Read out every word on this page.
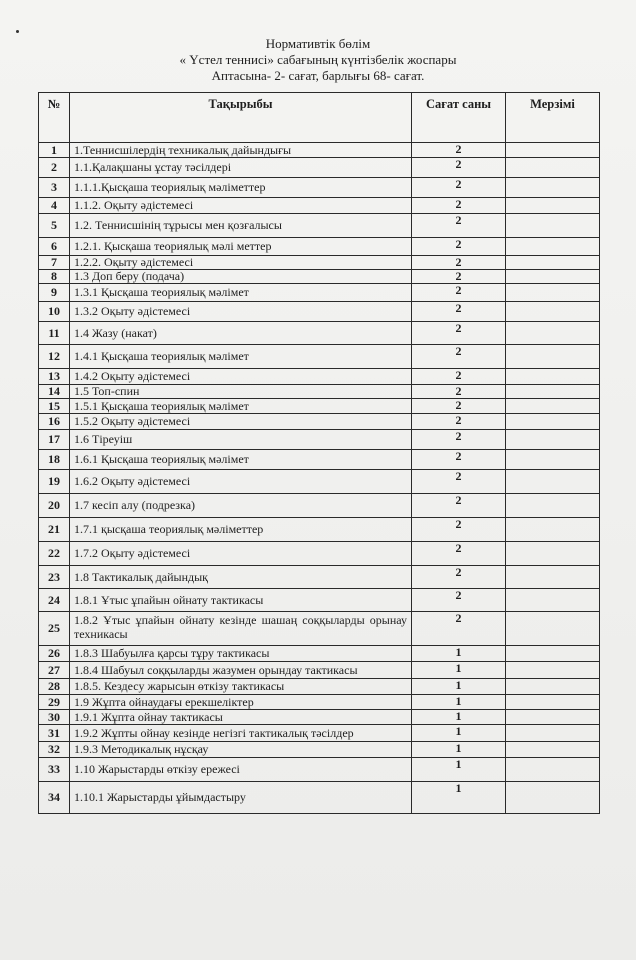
Нормативтік бөлім
« Үстел теннисі» сабағының күнтізбелік жоспары
Аптасына- 2- сағат, барлығы 68- сағат.
№	Тақырыбы	Сағат саны	Мерзімі
1	1.Теннисшілердің техникалық дайындығы	2	
2	1.1.Қалақшаны ұстау тәсілдері	2	
3	1.1.1.Қысқаша теориялық мәліметтер	2	
4	1.1.2. Оқыту әдістемесі	2	
5	1.2. Теннисшінің тұрысы мен қозғалысы	2	
6	1.2.1. Қысқаша теориялық мәлі меттер	2	
7	1.2.2. Оқыту әдістемесі	2	
8	1.3 Доп беру (подача)	2	
9	1.3.1 Қысқаша теориялық мәлімет	2	
10	1.3.2 Оқыту әдістемесі	2	
11	1.4 Жазу (накат)	2	
12	1.4.1 Қысқаша теориялық мәлімет	2	
13	1.4.2 Оқыту әдістемесі	2	
14	1.5 Топ-спин	2	
15	1.5.1 Қысқаша теориялық мәлімет	2	
16	1.5.2 Оқыту әдістемесі	2	
17	1.6 Тіреуіш	2	
18	1.6.1 Қысқаша теориялық мәлімет	2	
19	1.6.2 Оқыту әдістемесі	2	
20	1.7 кесіп алу (подрезка)	2	
21	1.7.1 қысқаша теориялық мәліметтер	2	
22	1.7.2 Оқыту әдістемесі	2	
23	1.8 Тактикалық дайындық	2	
24	1.8.1 Ұтыс ұпайын ойнату тактикасы	2	
25	1.8.2 Ұтыс ұпайын ойнату кезінде шашаң соққыларды орынау техникасы	2	
26	1.8.3 Шабуылға қарсы тұру тактикасы	1	
27	1.8.4 Шабуыл соққыларды жазумен орындау тактикасы	1	
28	1.8.5. Кездесу жарысын өткізу тактикасы	1	
29	1.9 Жұпта ойнаудағы ерекшеліктер	1	
30	1.9.1 Жұпта ойнау тактикасы	1	
31	1.9.2 Жұпты ойнау кезінде негізгі тактикалық тәсілдер	1	
32	1.9.3 Методикалық нұсқау	1	
33	1.10 Жарыстарды өткізу ережесі	1	
34	1.10.1 Жарыстарды ұйымдастыру	1	
